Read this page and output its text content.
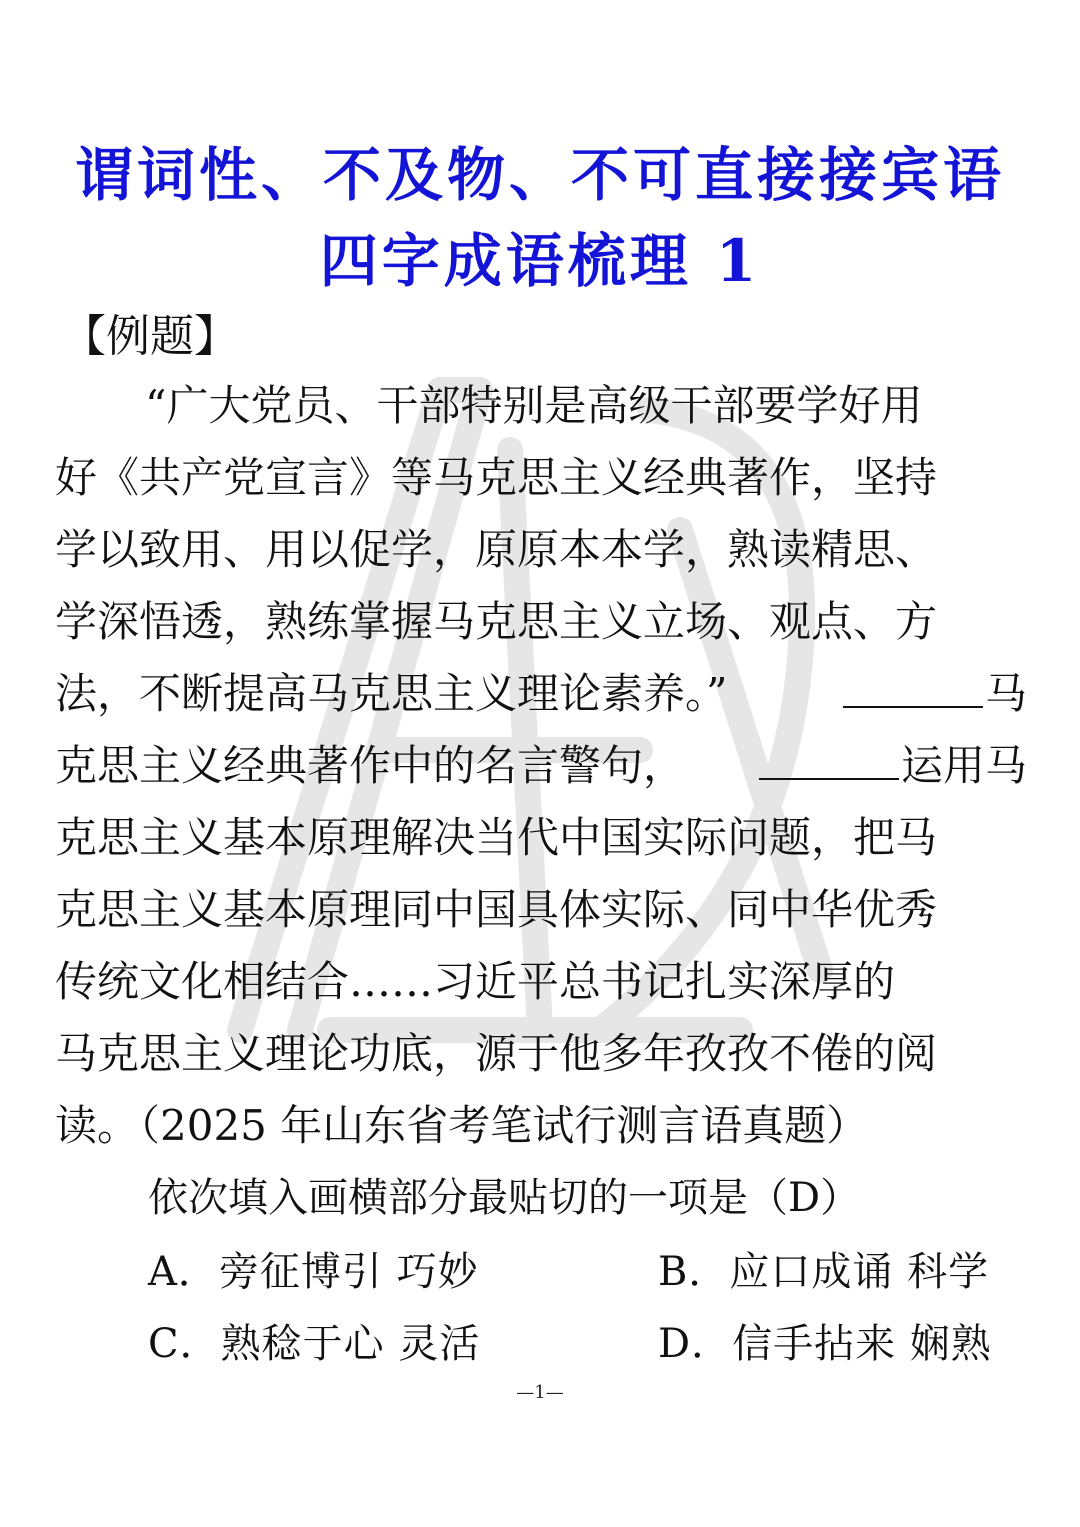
谓词性、不及物、不可直接接宾语
四字成语梳理 1
【例题】
“广大党员、干部特别是高级干部要学好用
好《共产党宣言》等马克思主义经典著作，坚持
学以致用、用以促学，原原本本学，熟读精思、
学深悟透，熟练掌握马克思主义立场、观点、方
法，不断提高马克思主义理论素养。”	马
克思主义经典著作中的名言警句，	运用马
克思主义基本原理解决当代中国实际问题，把马
克思主义基本原理同中国具体实际、同中华优秀
传统文化相结合……习近平总书记扎实深厚的
马克思主义理论功底，源于他多年孜孜不倦的阅
读。（2025 年山东省考笔试行测言语真题）
依次填入画横部分最贴切的一项是（D）
A．旁征博引 巧妙	B．应口成诵 科学
C．熟稔于心 灵活	D．信手拈来 娴熟
—1—
